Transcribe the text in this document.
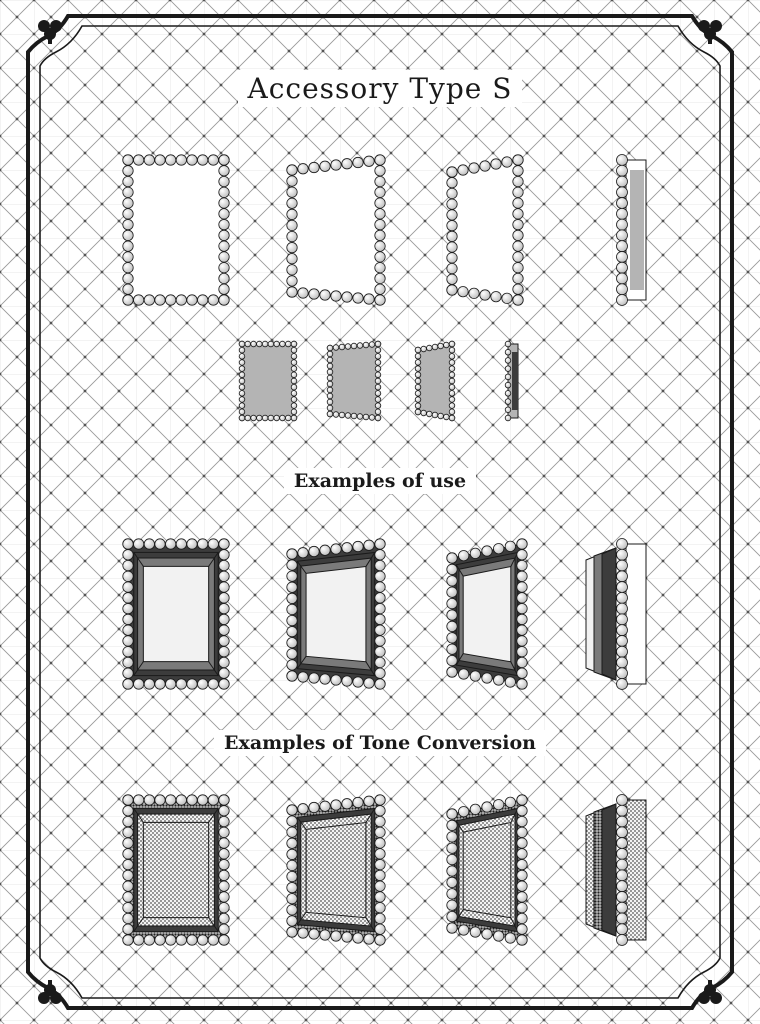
Accessory Type S
Examples of use
Examples of Tone Conversion
